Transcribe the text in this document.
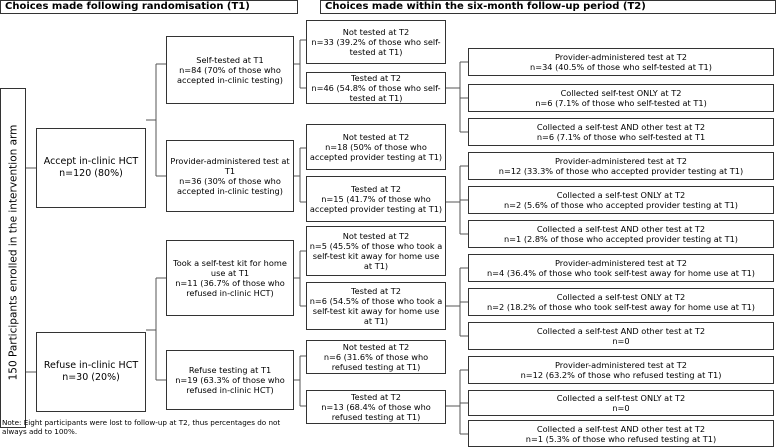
Choices made following randomisation (T1)	Choices made within the six-month follow-up period (T2)
150 Participants enrolled in the intervention arm	Accept in-clinic HCT
n=120 (80%)
Refuse in-clinic HCT
n=30 (20%)
Self-tested at T1
n=84 (70% of those who accepted in-clinic testing)
Provider-administered test at T1
n=36 (30% of those who accepted in-clinic testing)
Took a self-test kit for home use at T1
n=11 (36.7% of those who refused in-clinic HCT)
Refuse testing at T1
n=19 (63.3% of those who refused in-clinic HCT)
Not tested at T2
n=33 (39.2% of those who self-tested at T1)
Tested at T2
n=46 (54.8% of those who self-tested at T1)
Not tested at T2
n=18 (50% of those who accepted provider testing at T1)
Tested at T2
n=15 (41.7% of those who accepted provider testing at T1)
Not tested at T2
n=5 (45.5% of those who took a self-test kit away for home use at T1)
Tested at T2
n=6 (54.5% of those who took a self-test kit away for home use at T1)
Not tested at T2
n=6 (31.6% of those who refused testing at T1)
Tested at T2
n=13 (68.4% of those who refused testing at T1)
Provider-administered test at T2
n=34 (40.5% of those who self-tested at T1)
Collected self-test ONLY at T2
n=6 (7.1% of those who self-tested at T1)
Collected a self-test AND other test at T2
n=6 (7.1% of those who self-tested at T1
Provider-administered test at T2
n=12 (33.3% of those who accepted provider testing at T1)
Collected a self-test ONLY at T2
n=2 (5.6% of those who accepted provider testing at T1)
Collected a self-test AND other test at T2
n=1 (2.8% of those who accepted provider testing at T1)
Provider-administered test at T2
n=4 (36.4% of those who took self-test away for home use at T1)
Collected a self-test ONLY at T2
n=2 (18.2% of those who took self-test away for home use at T1)
Collected a self-test AND other test at T2
n=0
Provider-administered test at T2
n=12 (63.2% of those who refused testing at T1)
Collected a self-test ONLY at T2
n=0
Collected a self-test AND other test at T2
n=1 (5.3% of those who refused testing at T1)
Note: Eight participants were lost to follow-up at T2, thus percentages do not always add to 100%.
